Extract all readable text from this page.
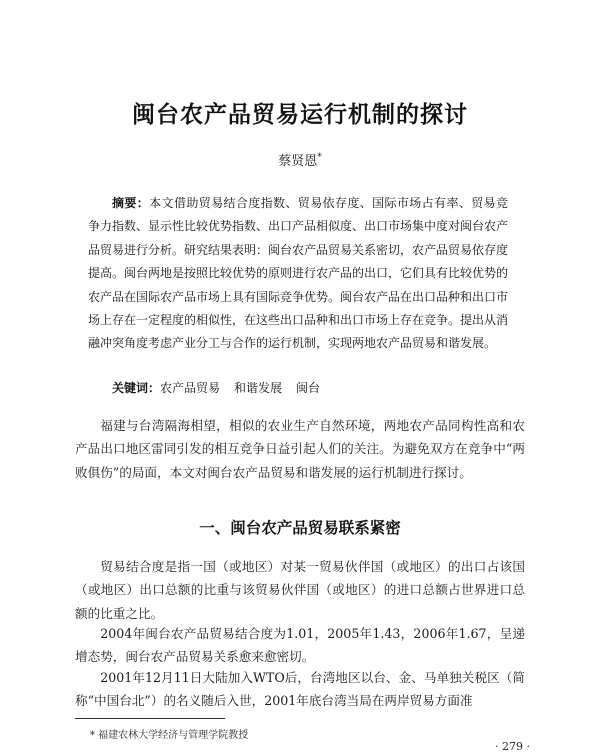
闽台农产品贸易运行机制的探讨
蔡贤恩*
摘要：本文借助贸易结合度指数、贸易依存度、国际市场占有率、贸易竞争力指数、显示性比较优势指数、出口产品相似度、出口市场集中度对闽台农产品贸易进行分析。研究结果表明：闽台农产品贸易关系密切，农产品贸易依存度提高。闽台两地是按照比较优势的原则进行农产品的出口，它们具有比较优势的农产品在国际农产品市场上具有国际竞争优势。闽台农产品在出口品种和出口市场上存在一定程度的相似性，在这些出口品种和出口市场上存在竞争。提出从消融冲突角度考虑产业分工与合作的运行机制，实现两地农产品贸易和谐发展。
关键词：农产品贸易 和谐发展 闽台
福建与台湾隔海相望，相似的农业生产自然环境，两地农产品同构性高和农产品出口地区雷同引发的相互竞争日益引起人们的关注。为避免双方在竞争中“两败俱伤”的局面，本文对闽台农产品贸易和谐发展的运行机制进行探讨。
一、闽台农产品贸易联系紧密
贸易结合度是指一国（或地区）对某一贸易伙伴国（或地区）的出口占该国（或地区）出口总额的比重与该贸易伙伴国（或地区）的进口总额占世界进口总额的比重之比。
2004年闽台农产品贸易结合度为1.01，2005年1.43，2006年1.67，呈递增态势，闽台农产品贸易关系愈来愈密切。
2001年12月11日大陆加入WTO后，台湾地区以台、金、马单独关税区（简称“中国台北”）的名义随后入世，2001年底台湾当局在两岸贸易方面准
* 福建农林大学经济与管理学院教授
· 279 ·
